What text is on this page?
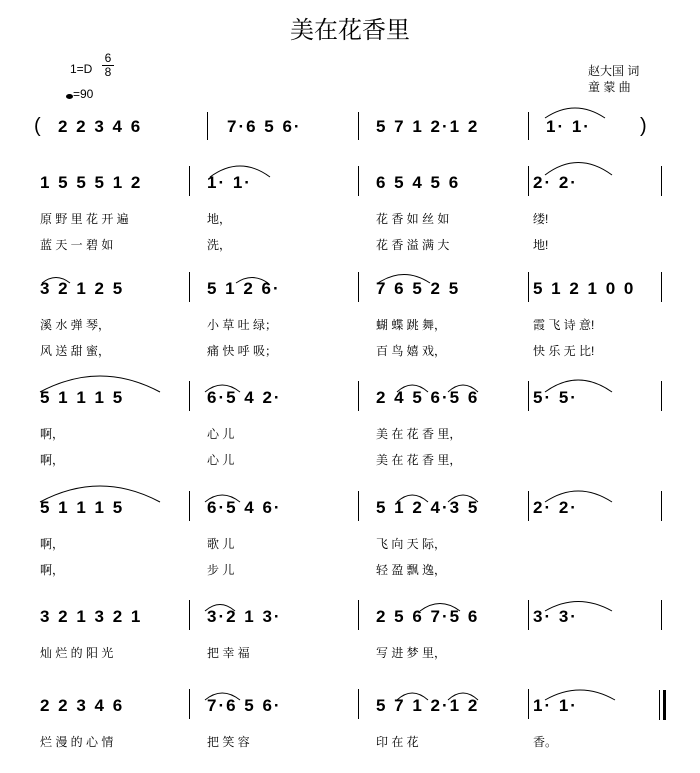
美在花香里
1=D
6
8
=90
赵大国 词
童 蒙 曲
( 2 2 3 4 6	7·6 5 6·	5 7 1 2·1 2	1· 1· )
1 5 5 5 1 2	1· 1·	6 5 4 5 6	2· 2·
原 野 里 花 开 遍	地，	花 香 如 丝 如	缕!
蓝 天 一 碧 如	洗，	花 香 溢 满 大	地!
3 2 1 2 5	5 1 2 6·	7 6 5 2 5	5 1 2 1 0 0
溪 水 弹 琴，	小 草 吐 绿；	蝴 蝶 跳 舞，	霞 飞 诗 意!
风 送 甜 蜜，	痛 快 呼 吸；	百 鸟 嬉 戏，	快 乐 无 比!
5 1 1 1 5	6·5 4 2·	2 4 5 6·5 6	5· 5·
啊，	心 儿	美 在 花 香 里，
啊，	心 儿	美 在 花 香 里，
5 1 1 1 5	6·5 4 6·	5 1 2 4·3 5	2· 2·
啊，	歌 儿	飞 向 天 际，
啊，	步 儿	轻 盈 飘 逸，
3 2 1 3 2 1	3·2 1 3·	2 5 6 7·5 6	3· 3·
灿 烂 的 阳 光	把 幸 福	写 进 梦 里，
2 2 3 4 6	7·6 5 6·	5 7 1 2·1 2	1· 1·
烂 漫 的 心 情	把 笑 容	印 在 花	香。
